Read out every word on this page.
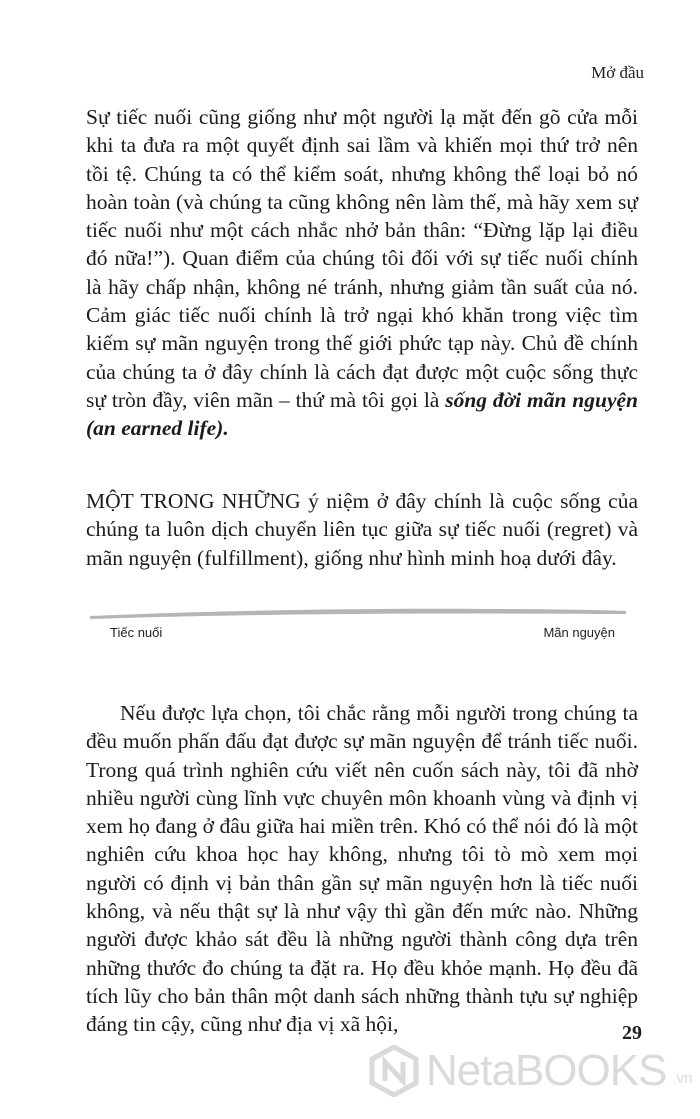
Mở đầu

Sự tiếc nuối cũng giống như một người lạ mặt đến gõ cửa mỗi khi ta đưa ra một quyết định sai lầm và khiến mọi thứ trở nên tồi tệ. Chúng ta có thể kiểm soát, nhưng không thể loại bỏ nó hoàn toàn (và chúng ta cũng không nên làm thế, mà hãy xem sự tiếc nuối như một cách nhắc nhở bản thân: “Đừng lặp lại điều đó nữa!”). Quan điểm của chúng tôi đối với sự tiếc nuối chính là hãy chấp nhận, không né tránh, nhưng giảm tần suất của nó. Cảm giác tiếc nuối chính là trở ngại khó khăn trong việc tìm kiếm sự mãn nguyện trong thế giới phức tạp này. Chủ đề chính của chúng ta ở đây chính là cách đạt được một cuộc sống thực sự tròn đầy, viên mãn – thứ mà tôi gọi là sống đời mãn nguyện (an earned life).

MỘT TRONG NHỮNG ý niệm ở đây chính là cuộc sống của chúng ta luôn dịch chuyển liên tục giữa sự tiếc nuối (regret) và mãn nguyện (fulfillment), giống như hình minh hoạ dưới đây.

Tiếc nuối	Mãn nguyện

Nếu được lựa chọn, tôi chắc rằng mỗi người trong chúng ta đều muốn phấn đấu đạt được sự mãn nguyện để tránh tiếc nuối. Trong quá trình nghiên cứu viết nên cuốn sách này, tôi đã nhờ nhiều người cùng lĩnh vực chuyên môn khoanh vùng và định vị xem họ đang ở đâu giữa hai miền trên. Khó có thể nói đó là một nghiên cứu khoa học hay không, nhưng tôi tò mò xem mọi người có định vị bản thân gần sự mãn nguyện hơn là tiếc nuối không, và nếu thật sự là như vậy thì gần đến mức nào. Những người được khảo sát đều là những người thành công dựa trên những thước đo chúng ta đặt ra. Họ đều khỏe mạnh. Họ đều đã tích lũy cho bản thân một danh sách những thành tựu sự nghiệp đáng tin cậy, cũng như địa vị xã hội,	29
NetaBOOKS .vn
